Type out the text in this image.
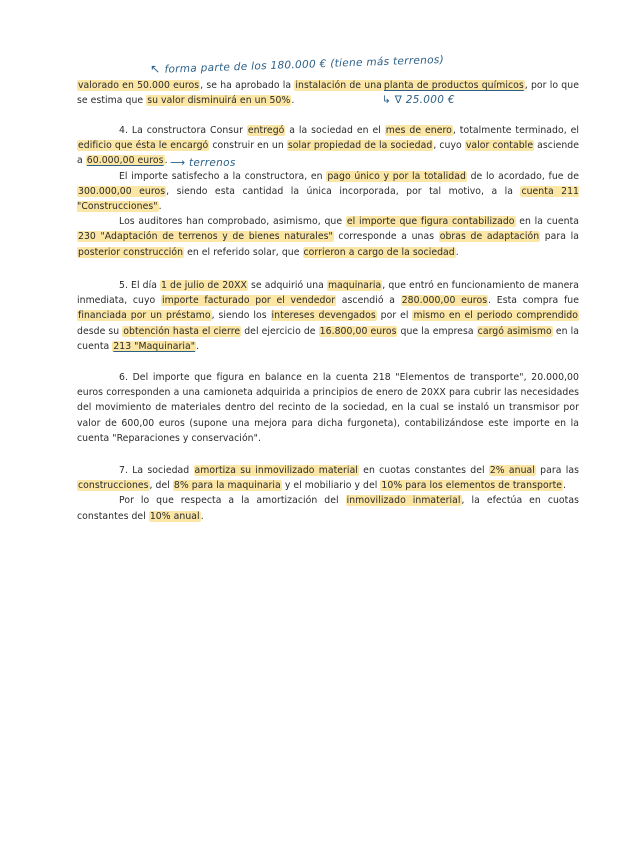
↖ forma parte de los 180.000 € (tiene más terrenos)
↳ ∇ 25.000 €
⟶ terrenos

valorado en 50.000 euros, se ha aprobado la instalación de una planta de productos químicos, por lo que se estima que su valor disminuirá en un 50%.

4. La constructora Consur entregó a la sociedad en el mes de enero, totalmente terminado, el edificio que ésta le encargó construir en un solar propiedad de la sociedad, cuyo valor contable asciende a 60.000,00 euros.

El importe satisfecho a la constructora, en pago único y por la totalidad de lo acordado, fue de 300.000,00 euros, siendo esta cantidad la única incorporada, por tal motivo, a la cuenta 211 "Construcciones".

Los auditores han comprobado, asimismo, que el importe que figura contabilizado en la cuenta 230 "Adaptación de terrenos y de bienes naturales" corresponde a unas obras de adaptación para la posterior construcción en el referido solar, que corrieron a cargo de la sociedad.

5. El día 1 de julio de 20XX se adquirió una maquinaria, que entró en funcionamiento de manera inmediata, cuyo importe facturado por el vendedor ascendió a 280.000,00 euros. Esta compra fue financiada por un préstamo, siendo los intereses devengados por el mismo en el periodo comprendido desde su obtención hasta el cierre del ejercicio de 16.800,00 euros que la empresa cargó asimismo en la cuenta 213 "Maquinaria".

6. Del importe que figura en balance en la cuenta 218 "Elementos de transporte", 20.000,00 euros corresponden a una camioneta adquirida a principios de enero de 20XX para cubrir las necesidades del movimiento de materiales dentro del recinto de la sociedad, en la cual se instaló un transmisor por valor de 600,00 euros (supone una mejora para dicha furgoneta), contabilizándose este importe en la cuenta "Reparaciones y conservación".

7. La sociedad amortiza su inmovilizado material en cuotas constantes del 2% anual para las construcciones, del 8% para la maquinaria y el mobiliario y del 10% para los elementos de transporte.

Por lo que respecta a la amortización del inmovilizado inmaterial, la efectúa en cuotas constantes del 10% anual.
